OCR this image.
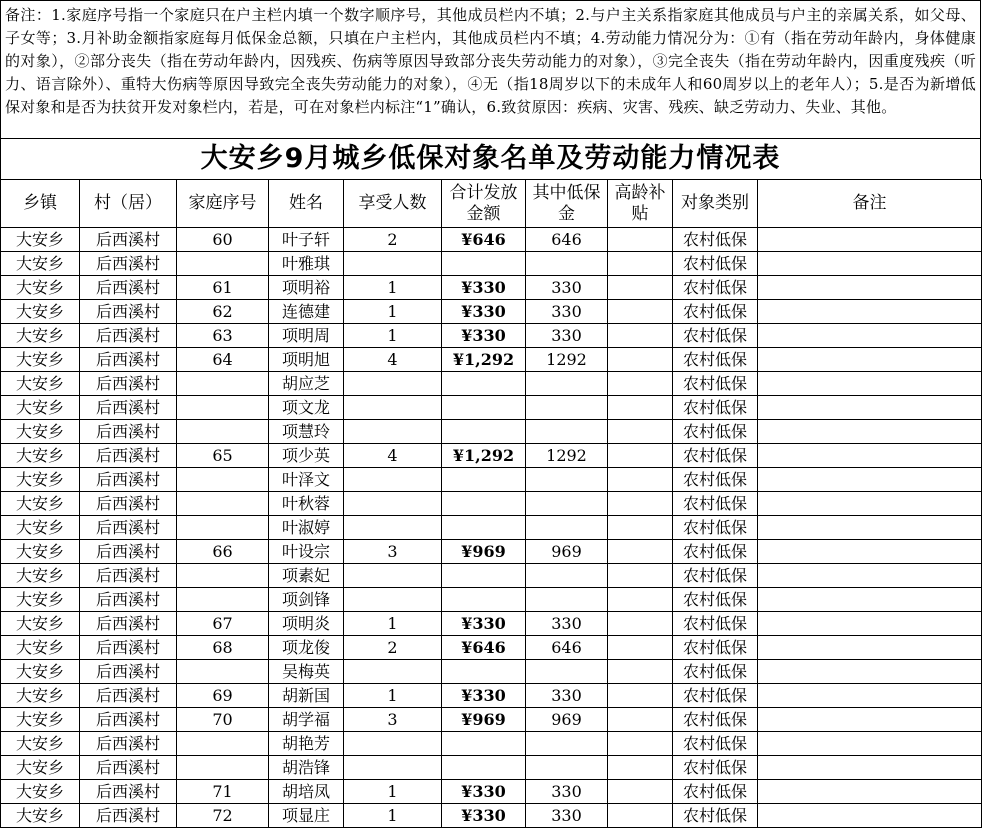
备注：1.家庭序号指一个家庭只在户主栏内填一个数字顺序号，其他成员栏内不填；2.与户主关系指家庭其他成员与户主的亲属关系，如父母、子女等；3.月补助金额指家庭每月低保金总额，只填在户主栏内，其他成员栏内不填；4.劳动能力情况分为：①有（指在劳动年龄内，身体健康的对象），②部分丧失（指在劳动年龄内，因残疾、伤病等原因导致部分丧失劳动能力的对象），③完全丧失（指在劳动年龄内，因重度残疾（听力、语言除外）、重特大伤病等原因导致完全丧失劳动能力的对象），④无（指18周岁以下的未成年人和60周岁以上的老年人）；5.是否为新增低保对象和是否为扶贫开发对象栏内，若是，可在对象栏内标注“1”确认，6.致贫原因：疾病、灾害、残疾、缺乏劳动力、失业、其他。
大安乡9月城乡低保对象名单及劳动能力情况表
乡镇	村（居）	家庭序号	姓名	享受人数	合计发放金额	其中低保金	高龄补贴	对象类别	备注
大安乡	后西溪村	60	叶子轩	2	¥646	646		农村低保	
大安乡	后西溪村		叶雅琪					农村低保	
大安乡	后西溪村	61	项明裕	1	¥330	330		农村低保	
大安乡	后西溪村	62	连德建	1	¥330	330		农村低保	
大安乡	后西溪村	63	项明周	1	¥330	330		农村低保	
大安乡	后西溪村	64	项明旭	4	¥1,292	1292		农村低保	
大安乡	后西溪村		胡应芝					农村低保	
大安乡	后西溪村		项文龙					农村低保	
大安乡	后西溪村		项慧玲					农村低保	
大安乡	后西溪村	65	项少英	4	¥1,292	1292		农村低保	
大安乡	后西溪村		叶泽文					农村低保	
大安乡	后西溪村		叶秋蓉					农村低保	
大安乡	后西溪村		叶淑婷					农村低保	
大安乡	后西溪村	66	叶设宗	3	¥969	969		农村低保	
大安乡	后西溪村		项素妃					农村低保	
大安乡	后西溪村		项剑锋					农村低保	
大安乡	后西溪村	67	项明炎	1	¥330	330		农村低保	
大安乡	后西溪村	68	项龙俊	2	¥646	646		农村低保	
大安乡	后西溪村		吴梅英					农村低保	
大安乡	后西溪村	69	胡新国	1	¥330	330		农村低保	
大安乡	后西溪村	70	胡学福	3	¥969	969		农村低保	
大安乡	后西溪村		胡艳芳					农村低保	
大安乡	后西溪村		胡浩锋					农村低保	
大安乡	后西溪村	71	胡培凤	1	¥330	330		农村低保	
大安乡	后西溪村	72	项显庄	1	¥330	330		农村低保	
